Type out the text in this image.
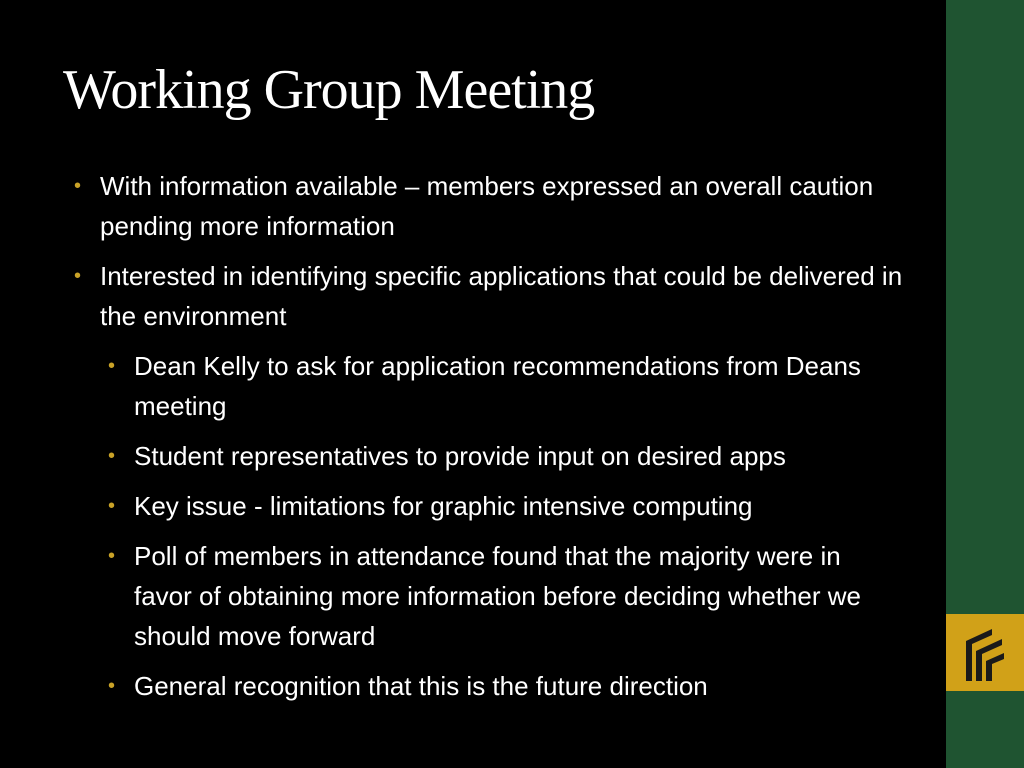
Working Group Meeting
• With information available – members expressed an overall caution pending more information
• Interested in identifying specific applications that could be delivered in the environment
• Dean Kelly to ask for application recommendations from Deans meeting
• Student representatives to provide input on desired apps
• Key issue - limitations for graphic intensive computing
• Poll of members in attendance found that the majority were in favor of obtaining more information before deciding whether we should move forward
• General recognition that this is the future direction
